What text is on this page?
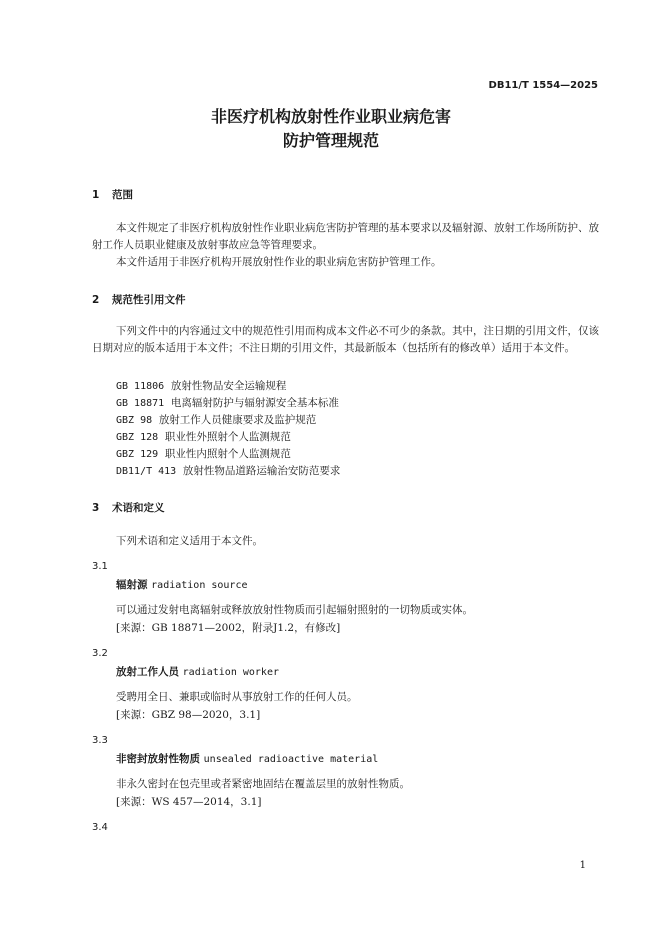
DB11/T 1554—2025
非医疗机构放射性作业职业病危害
防护管理规范
1 范围
本文件规定了非医疗机构放射性作业职业病危害防护管理的基本要求以及辐射源、放射工作场所防护、放射工作人员职业健康及放射事故应急等管理要求。
本文件适用于非医疗机构开展放射性作业的职业病危害防护管理工作。
2 规范性引用文件
下列文件中的内容通过文中的规范性引用而构成本文件必不可少的条款。其中，注日期的引用文件，仅该日期对应的版本适用于本文件；不注日期的引用文件，其最新版本（包括所有的修改单）适用于本文件。
GB 11806 放射性物品安全运输规程
GB 18871 电离辐射防护与辐射源安全基本标准
GBZ 98 放射工作人员健康要求及监护规范
GBZ 128 职业性外照射个人监测规范
GBZ 129 职业性内照射个人监测规范
DB11/T 413 放射性物品道路运输治安防范要求
3 术语和定义
下列术语和定义适用于本文件。
3.1
辐射源 radiation source
可以通过发射电离辐射或释放放射性物质而引起辐射照射的一切物质或实体。
[来源：GB 18871—2002，附录J1.2，有修改]
3.2
放射工作人员 radiation worker
受聘用全日、兼职或临时从事放射工作的任何人员。
[来源：GBZ 98—2020，3.1]
3.3
非密封放射性物质 unsealed radioactive material
非永久密封在包壳里或者紧密地固结在覆盖层里的放射性物质。
[来源：WS 457—2014，3.1]
3.4
1
